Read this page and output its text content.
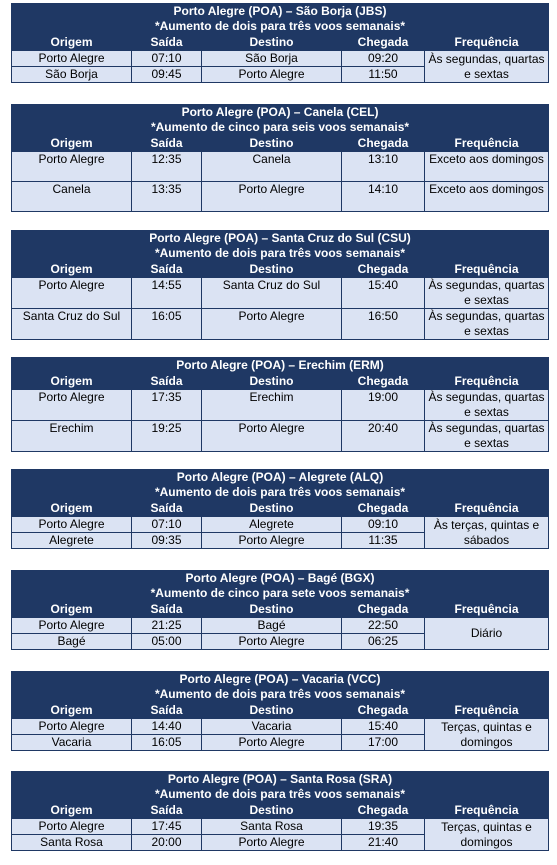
Porto Alegre (POA) – São Borja (JBS)
*Aumento de dois para três voos semanais*				

Origem	Saída	Destino	Chegada	Frequência
Porto Alegre	07:10	São Borja	09:20	Às segundas, quartas e sextas
São Borja	09:45	Porto Alegre	11:50	
Porto Alegre (POA) – Canela (CEL)
*Aumento de cinco para seis voos semanais*				

Origem	Saída	Destino	Chegada	Frequência
Porto Alegre	12:35	Canela	13:10	Exceto aos domingos
Canela	13:35	Porto Alegre	14:10	Exceto aos domingos
Porto Alegre (POA) – Santa Cruz do Sul (CSU)
*Aumento de dois para três voos semanais*				

Origem	Saída	Destino	Chegada	Frequência
Porto Alegre	14:55	Santa Cruz do Sul	15:40	Às segundas, quartas e sextas
Santa Cruz do Sul	16:05	Porto Alegre	16:50	Às segundas, quartas e sextas
Porto Alegre (POA) – Erechim (ERM)				

Origem	Saída	Destino	Chegada	Frequência
Porto Alegre	17:35	Erechim	19:00	Às segundas, quartas e sextas
Erechim	19:25	Porto Alegre	20:40	Às segundas, quartas e sextas
Porto Alegre (POA) – Alegrete (ALQ)
*Aumento de dois para três voos semanais*				

Origem	Saída	Destino	Chegada	Frequência
Porto Alegre	07:10	Alegrete	09:10	Às terças, quintas e sábados
Alegrete	09:35	Porto Alegre	11:35	
Porto Alegre (POA) – Bagé (BGX)
*Aumento de cinco para sete voos semanais*				

Origem	Saída	Destino	Chegada	Frequência
Porto Alegre	21:25	Bagé	22:50	Diário
Bagé	05:00	Porto Alegre	06:25	
Porto Alegre (POA) – Vacaria (VCC)
*Aumento de dois para três voos semanais*				

Origem	Saída	Destino	Chegada	Frequência
Porto Alegre	14:40	Vacaria	15:40	Terças, quintas e domingos
Vacaria	16:05	Porto Alegre	17:00	
Porto Alegre (POA) – Santa Rosa (SRA)
*Aumento de dois para três voos semanais*				

Origem	Saída	Destino	Chegada	Frequência
Porto Alegre	17:45	Santa Rosa	19:35	Terças, quintas e domingos
Santa Rosa	20:00	Porto Alegre	21:40	
